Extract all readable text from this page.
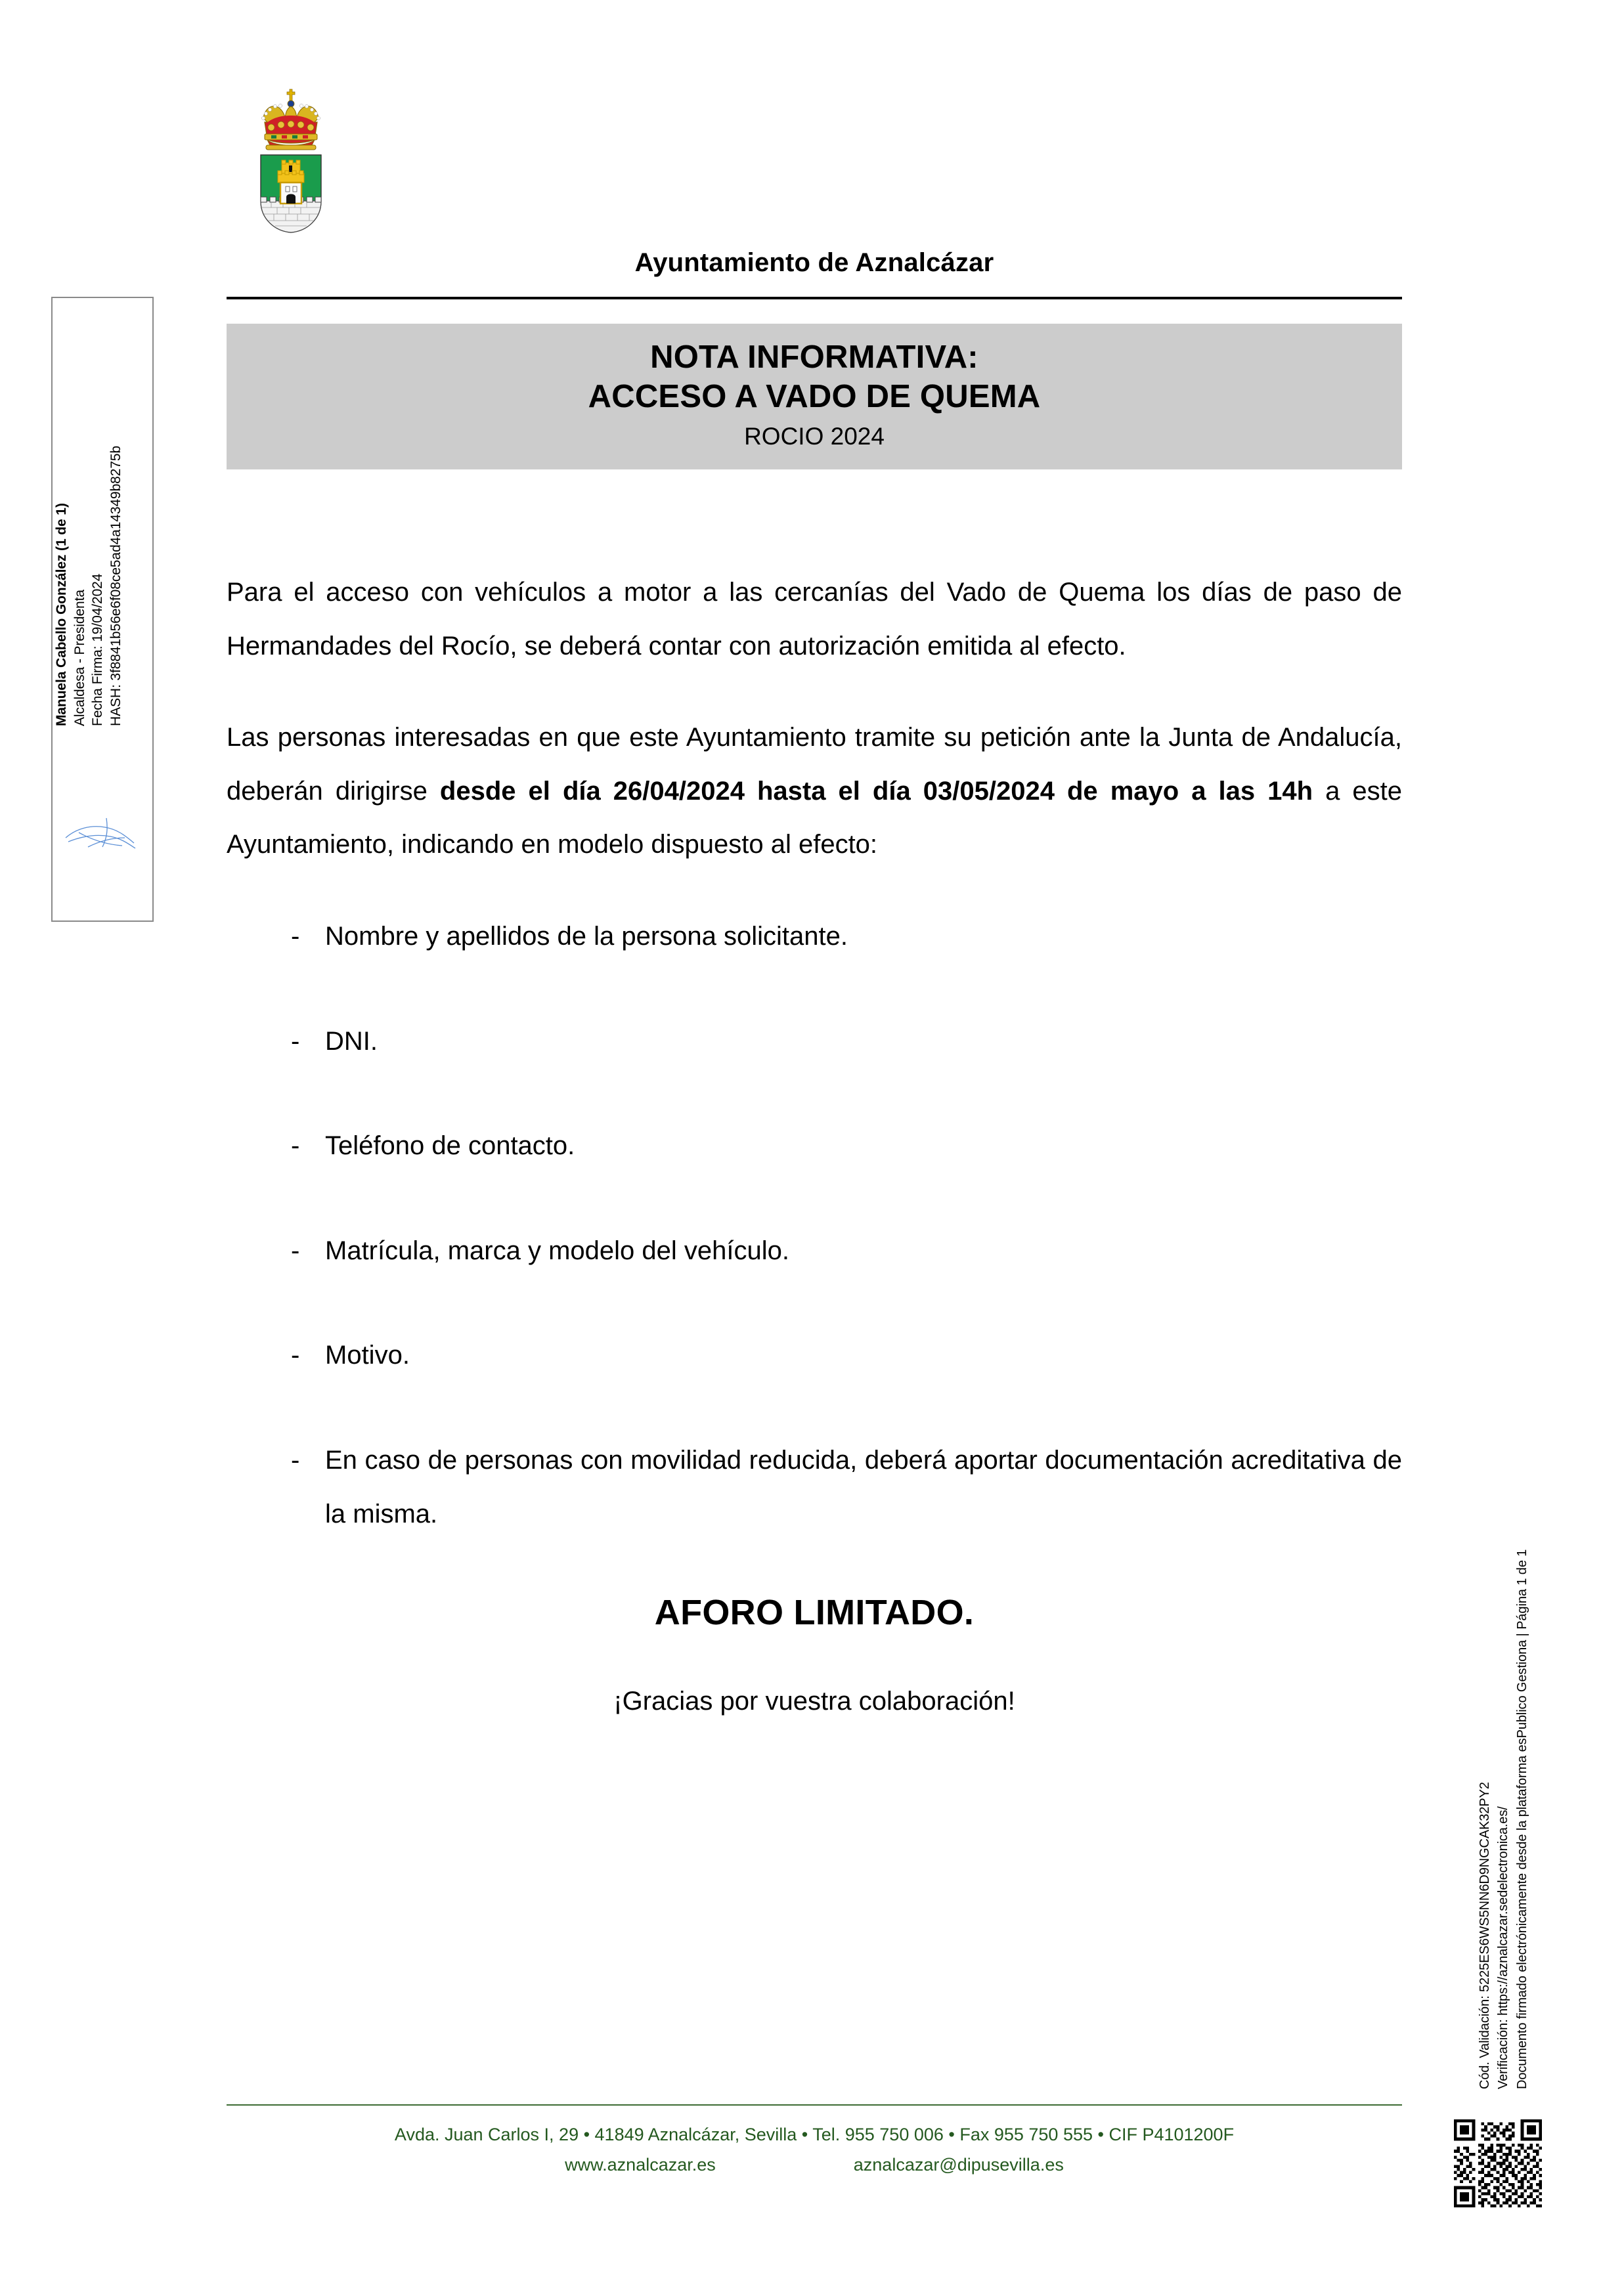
Manuela Cabello González (1 de 1) Alcaldesa - Presidenta Fecha Firma: 19/04/2024 HASH: 3f8841b56e6f08ce5ad4a14349b8275b
Cód. Validación: 5225ES6WS5NN6D9NGCAK32PY2 Verificación: https://aznalcazar.sedelectronica.es/ Documento firmado electrónicamente desde la plataforma esPublico Gestiona | Página 1 de 1
Ayuntamiento de Aznalcázar
NOTA INFORMATIVA:
ACCESO A VADO DE QUEMA
ROCIO 2024

Para el acceso con vehículos a motor a las cercanías del Vado de Quema los días de paso de Hermandades del Rocío, se deberá contar con autorización emitida al efecto.

Las personas interesadas en que este Ayuntamiento tramite su petición ante la Junta de Andalucía, deberán dirigirse desde el día 26/04/2024 hasta el día 03/05/2024 de mayo a las 14h a este Ayuntamiento, indicando en modelo dispuesto al efecto:

- Nombre y apellidos de la persona solicitante.
- DNI.
- Teléfono de contacto.
- Matrícula, marca y modelo del vehículo.
- Motivo.
- En caso de personas con movilidad reducida, deberá aportar documentación acreditativa de la misma.
AFORO LIMITADO.
¡Gracias por vuestra colaboración!
Avda. Juan Carlos I, 29 • 41849 Aznalcázar, Sevilla • Tel. 955 750 006 • Fax 955 750 555 • CIF P4101200F
www.aznalcazar.es	aznalcazar@dipusevilla.es
